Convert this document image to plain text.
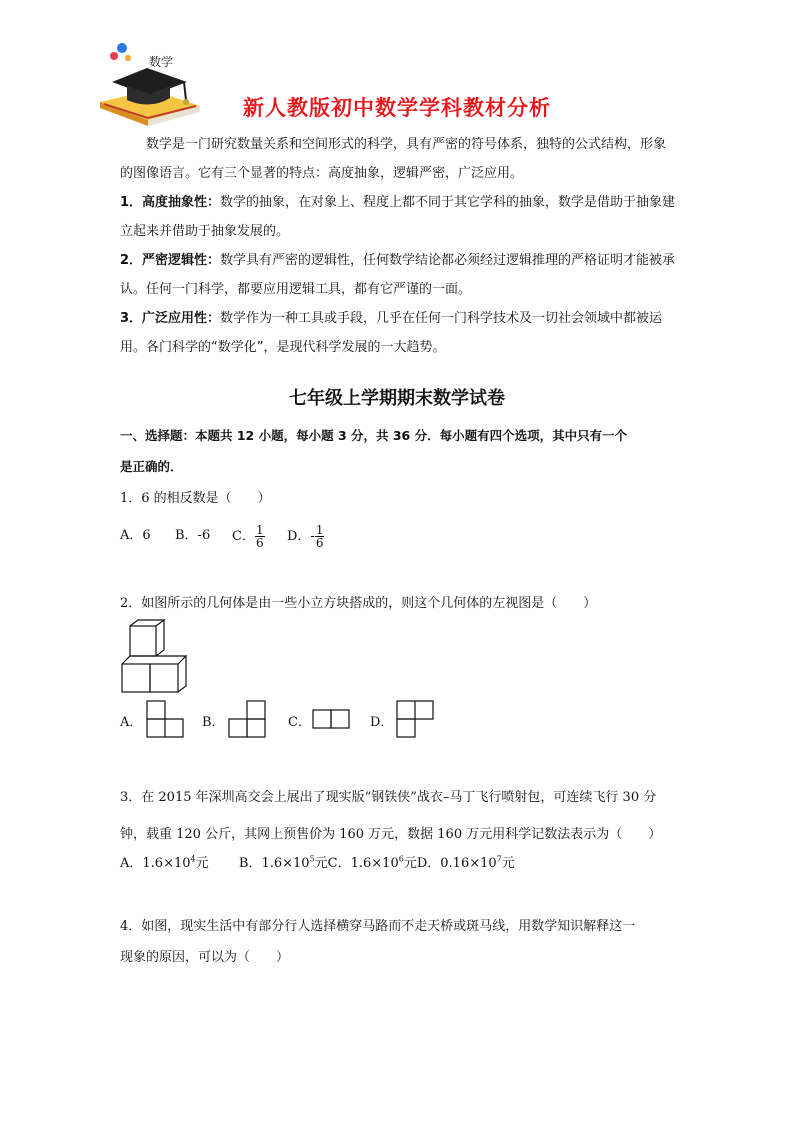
数学
新人教版初中数学学科教材分析
数学是一门研究数量关系和空间形式的科学，具有严密的符号体系，独特的公式结构，形象的图像语言。它有三个显著的特点：高度抽象，逻辑严密，广泛应用。
1．高度抽象性：数学的抽象，在对象上、程度上都不同于其它学科的抽象，数学是借助于抽象建立起来并借助于抽象发展的。
2．严密逻辑性：数学具有严密的逻辑性，任何数学结论都必须经过逻辑推理的严格证明才能被承认。任何一门科学，都要应用逻辑工具，都有它严谨的一面。
3．广泛应用性：数学作为一种工具或手段，几乎在任何一门科学技术及一切社会领域中都被运用。各门科学的“数学化”，是现代科学发展的一大趋势。
七年级上学期期末数学试卷
一、选择题：本题共 12 小题，每小题 3 分，共 36 分．每小题有四个选项，其中只有一个
是正确的．
1．6 的相反数是（　　）
A．6 B．-6 C． $\frac{1}{6}$ D．- $\frac{1}{6}$
2．如图所示的几何体是由一些小立方块搭成的，则这个几何体的左视图是（　　）
A．	B．	C．	D．
3．在 2015 年深圳高交会上展出了现实版“钢铁侠”战衣–马丁飞行喷射包，可连续飞行 30 分
钟，载重 120 公斤，其网上预售价为 160 万元，数据 160 万元用科学记数法表示为（　　）
A．$1.6\times 10^4$元 B．$1.6\times 10^5$元C．$1.6\times 10^6$元D．$0.16\times 10^7$元
4．如图，现实生活中有部分行人选择横穿马路而不走天桥或斑马线，用数学知识解释这一
现象的原因，可以为（　　）
